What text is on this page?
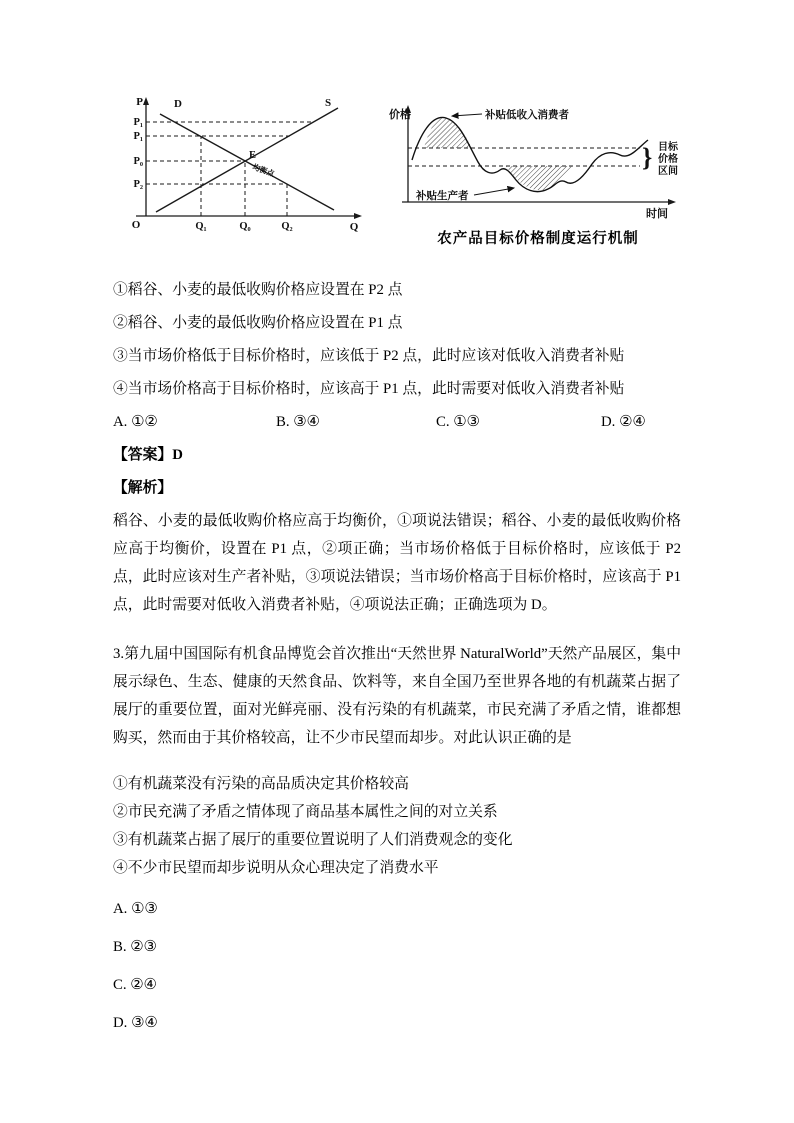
P	D	S
P₁
P₁
P₀
P₂
E
均衡点
O	Q₁	Q₀	Q₂	Q
补贴低收入消费者
补贴生产者
} 目标
价格
区间
价格
时间
农产品目标价格制度运行机制
①稻谷、小麦的最低收购价格应设置在 P2 点
②稻谷、小麦的最低收购价格应设置在 P1 点
③当市场价格低于目标价格时，应该低于 P2 点，此时应该对低收入消费者补贴
④当市场价格高于目标价格时，应该高于 P1 点，此时需要对低收入消费者补贴
A. ①②	B. ③④	C. ①③	D. ②④
【答案】D
【解析】

稻谷、小麦的最低收购价格应高于均衡价，①项说法错误；稻谷、小麦的最低收购价格应高于均衡价，设置在 P1 点，②项正确；当市场价格低于目标价格时，应该低于 P2 点，此时应该对生产者补贴，③项说法错误；当市场价格高于目标价格时，应该高于 P1 点，此时需要对低收入消费者补贴，④项说法正确；正确选项为 D。

3.第九届中国国际有机食品博览会首次推出“天然世界 NaturalWorld”天然产品展区，集中展示绿色、生态、健康的天然食品、饮料等，来自全国乃至世界各地的有机蔬菜占据了展厅的重要位置，面对光鲜亮丽、没有污染的有机蔬菜，市民充满了矛盾之情，谁都想购买，然而由于其价格较高，让不少市民望而却步。对此认识正确的是

①有机蔬菜没有污染的高品质决定其价格较高
②市民充满了矛盾之情体现了商品基本属性之间的对立关系
③有机蔬菜占据了展厅的重要位置说明了人们消费观念的变化
④不少市民望而却步说明从众心理决定了消费水平
A. ①③
B. ②③
C. ②④
D. ③④
